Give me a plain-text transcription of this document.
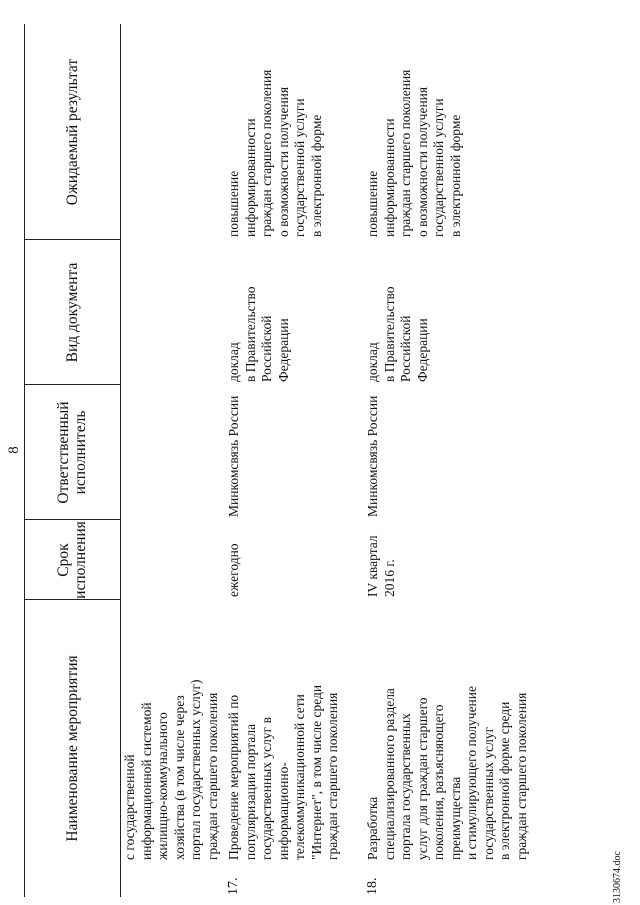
8
Наименование мероприятия
Срок исполнения
Ответственный исполнитель
Вид документа
Ожидаемый результат
с государственной информационной системой жилищно-коммунального хозяйства (в том числе через портал государственных услуг) граждан старшего поколения
17.
Проведение мероприятий по популяризации портала государственных услуг в информационно- телекоммуникационной сети "Интернет", в том числе среди граждан старшего поколения
ежегодно
Минкомсвязь России
доклад в Правительство Российской Федерации
повышение информированности граждан старшего поколения о возможности получения государственной услуги в электронной форме
18.
Разработка специализированного раздела портала государственных услуг для граждан старшего поколения, разъясняющего преимущества и стимулирующего получение государственных услуг в электронной форме среди граждан старшего поколения
IV квартал 2016 г.
Минкомсвязь России
доклад в Правительство Российской Федерации
повышение информированности граждан старшего поколения о возможности получения государственной услуги в электронной форме
3130674.doc
